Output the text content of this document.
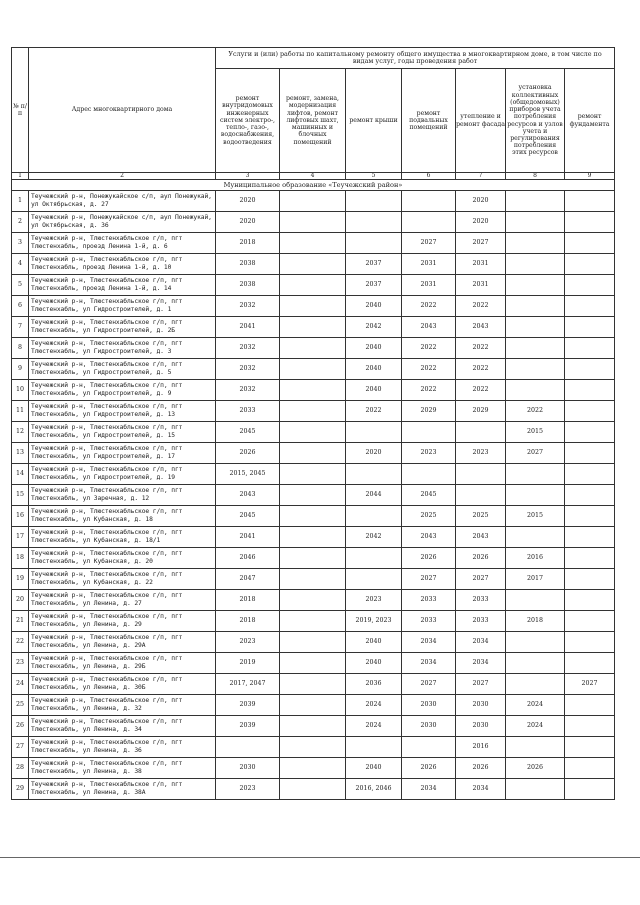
№ п/п	Адрес многоквартирного дома	Услуги и (или) работы по капитальному ремонту общего имущества в многоквартирном доме, в том числе по видам услуг, годы проведения работ						
		ремонт внутридомовых инженерных систем электро-, тепло-, газо-, водоснабжения, водоотведения	ремонт, замена, модернизация лифтов, ремонт лифтовых шахт, машинных и блочных помещений	ремонт крыши	ремонт подвальных помещений	утепление и ремонт фасада	установка коллективных (общедомовых) приборов учета потребления ресурсов и узлов учета и регулирования потребления этих ресурсов	ремонт фундамента
1	2	3	4	5	6	7	8	9
Муниципальное образование «Теучежский район»								
1	Теучежский р-н, Понежукайское с/п, аул Понежукай, ул Октябрьская, д. 27	2020				2020		
2	Теучежский р-н, Понежукайское с/п, аул Понежукай, ул Октябрьская, д. 36	2020				2020		
3	Теучежский р-н, Тлюстенхабльское г/п, пгт Тлюстенхабль, проезд Ленина 1-й, д. 6	2018			2027	2027		
4	Теучежский р-н, Тлюстенхабльское г/п, пгт Тлюстенхабль, проезд Ленина 1-й, д. 10	2038		2037	2031	2031		
5	Теучежский р-н, Тлюстенхабльское г/п, пгт Тлюстенхабль, проезд Ленина 1-й, д. 14	2038		2037	2031	2031		
6	Теучежский р-н, Тлюстенхабльское г/п, пгт Тлюстенхабль, ул Гидростроителей, д. 1	2032		2040	2022	2022		
7	Теучежский р-н, Тлюстенхабльское г/п, пгт Тлюстенхабль, ул Гидростроителей, д. 2Б	2041		2042	2043	2043		
8	Теучежский р-н, Тлюстенхабльское г/п, пгт Тлюстенхабль, ул Гидростроителей, д. 3	2032		2040	2022	2022		
9	Теучежский р-н, Тлюстенхабльское г/п, пгт Тлюстенхабль, ул Гидростроителей, д. 5	2032		2040	2022	2022		
10	Теучежский р-н, Тлюстенхабльское г/п, пгт Тлюстенхабль, ул Гидростроителей, д. 9	2032		2040	2022	2022		
11	Теучежский р-н, Тлюстенхабльское г/п, пгт Тлюстенхабль, ул Гидростроителей, д. 13	2033		2022	2029	2029	2022	
12	Теучежский р-н, Тлюстенхабльское г/п, пгт Тлюстенхабль, ул Гидростроителей, д. 15	2045					2015	
13	Теучежский р-н, Тлюстенхабльское г/п, пгт Тлюстенхабль, ул Гидростроителей, д. 17	2026		2020	2023	2023	2027	
14	Теучежский р-н, Тлюстенхабльское г/п, пгт Тлюстенхабль, ул Гидростроителей, д. 19	2015, 2045						
15	Теучежский р-н, Тлюстенхабльское г/п, пгт Тлюстенхабль, ул Заречная, д. 12	2043		2044	2045			
16	Теучежский р-н, Тлюстенхабльское г/п, пгт Тлюстенхабль, ул Кубанская, д. 18	2045			2025	2025	2015	
17	Теучежский р-н, Тлюстенхабльское г/п, пгт Тлюстенхабль, ул Кубанская, д. 18/1	2041		2042	2043	2043		
18	Теучежский р-н, Тлюстенхабльское г/п, пгт Тлюстенхабль, ул Кубанская, д. 20	2046			2026	2026	2016	
19	Теучежский р-н, Тлюстенхабльское г/п, пгт Тлюстенхабль, ул Кубанская, д. 22	2047			2027	2027	2017	
20	Теучежский р-н, Тлюстенхабльское г/п, пгт Тлюстенхабль, ул Ленина, д. 27	2018		2023	2033	2033		
21	Теучежский р-н, Тлюстенхабльское г/п, пгт Тлюстенхабль, ул Ленина, д. 29	2018		2019, 2023	2033	2033	2018	
22	Теучежский р-н, Тлюстенхабльское г/п, пгт Тлюстенхабль, ул Ленина, д. 29А	2023		2040	2034	2034		
23	Теучежский р-н, Тлюстенхабльское г/п, пгт Тлюстенхабль, ул Ленина, д. 29Б	2019		2040	2034	2034		
24	Теучежский р-н, Тлюстенхабльское г/п, пгт Тлюстенхабль, ул Ленина, д. 30Б	2017, 2047		2036	2027	2027		2027
25	Теучежский р-н, Тлюстенхабльское г/п, пгт Тлюстенхабль, ул Ленина, д. 32	2039		2024	2030	2030	2024	
26	Теучежский р-н, Тлюстенхабльское г/п, пгт Тлюстенхабль, ул Ленина, д. 34	2039		2024	2030	2030	2024	
27	Теучежский р-н, Тлюстенхабльское г/п, пгт Тлюстенхабль, ул Ленина, д. 36					2016		
28	Теучежский р-н, Тлюстенхабльское г/п, пгт Тлюстенхабль, ул Ленина, д. 38	2030		2040	2026	2026	2026	
29	Теучежский р-н, Тлюстенхабльское г/п, пгт Тлюстенхабль, ул Ленина, д. 38А	2023		2016, 2046	2034	2034		
